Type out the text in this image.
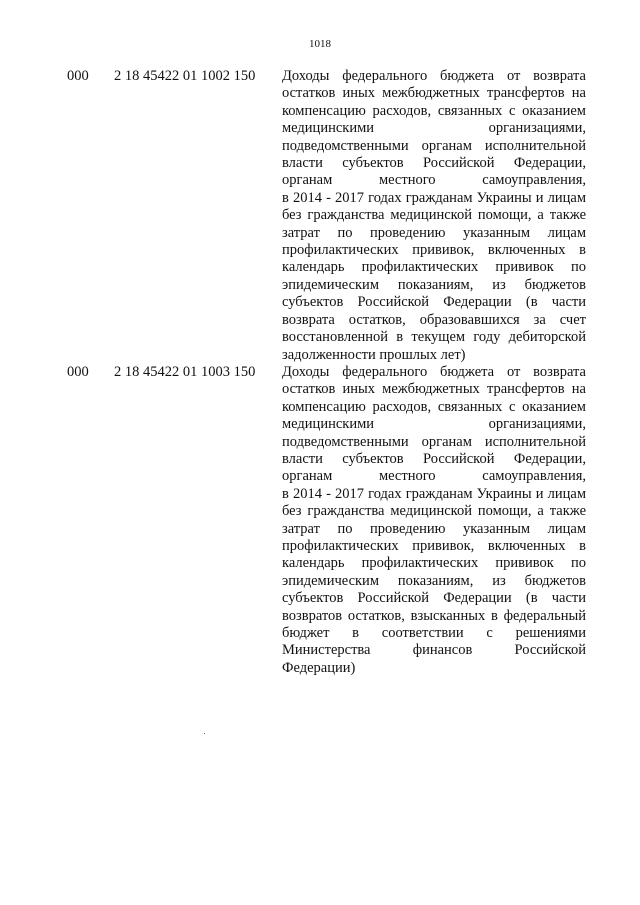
1018
000 2 18 45422 01 1002 150 Доходы федерального бюджета от возврата
остатков иных межбюджетных трансфертов на
компенсацию расходов, связанных с оказанием
медицинскими организациями,
подведомственными органам исполнительной
власти субъектов Российской Федерации,
органам местного самоуправления,
в 2014 - 2017 годах гражданам Украины и лицам
без гражданства медицинской помощи, а также
затрат по проведению указанным лицам
профилактических прививок, включенных в
календарь профилактических прививок по
эпидемическим показаниям, из бюджетов
субъектов Российской Федерации (в части
возврата остатков, образовавшихся за счет
восстановленной в текущем году дебиторской
задолженности прошлых лет)
000 2 18 45422 01 1003 150 Доходы федерального бюджета от возврата
остатков иных межбюджетных трансфертов на
компенсацию расходов, связанных с оказанием
медицинскими организациями,
подведомственными органам исполнительной
власти субъектов Российской Федерации,
органам местного самоуправления,
в 2014 - 2017 годах гражданам Украины и лицам
без гражданства медицинской помощи, а также
затрат по проведению указанным лицам
профилактических прививок, включенных в
календарь профилактических прививок по
эпидемическим показаниям, из бюджетов
субъектов Российской Федерации (в части
возвратов остатков, взысканных в федеральный
бюджет в соответствии с решениями
Министерства финансов Российской
Федерации)
